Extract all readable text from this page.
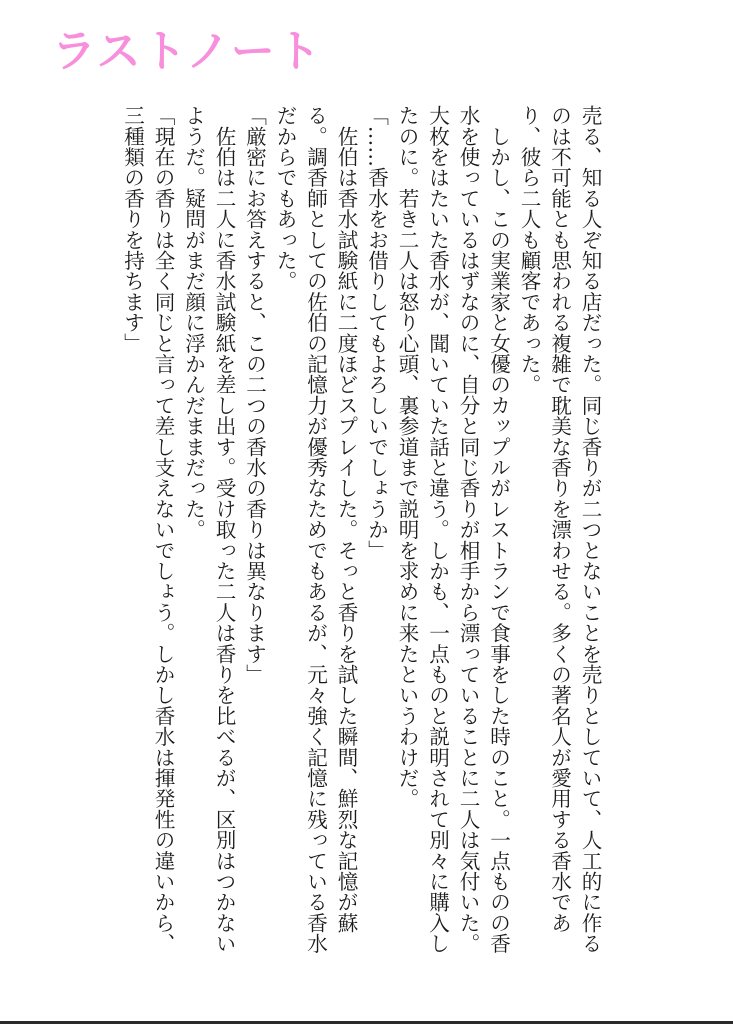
ラストノート

売る、知る人ぞ知る店だった。同じ香りが二つとないことを売りとしていて、人工的に作るのは不可能とも思われる複雑で耽美な香りを漂わせる。多くの著名人が愛用する香水であり、彼ら二人も顧客であった。

　しかし、この実業家と女優のカップルがレストランで食事をした時のこと。一点ものの香水を使っているはずなのに、自分と同じ香りが相手から漂っていることに二人は気付いた。大枚をはたいた香水が、聞いていた話と違う。しかも、一点ものと説明されて別々に購入したのに。若き二人は怒り心頭、裏参道まで説明を求めに来たというわけだ。

「……香水をお借りしてもよろしいでしょうか」

　佐伯は香水試験紙に二度ほどスプレイした。そっと香りを試した瞬間、鮮烈な記憶が蘇る。調香師としての佐伯の記憶力が優秀なためでもあるが、元々強く記憶に残っている香水だからでもあった。

「厳密にお答えすると、この二つの香水の香りは異なります」

　佐伯は二人に香水試験紙を差し出す。受け取った二人は香りを比べるが、区別はつかないようだ。疑問がまだ顔に浮かんだままだった。

「現在の香りは全く同じと言って差し支えないでしょう。しかし香水は揮発性の違いから、三種類の香りを持ちます」
